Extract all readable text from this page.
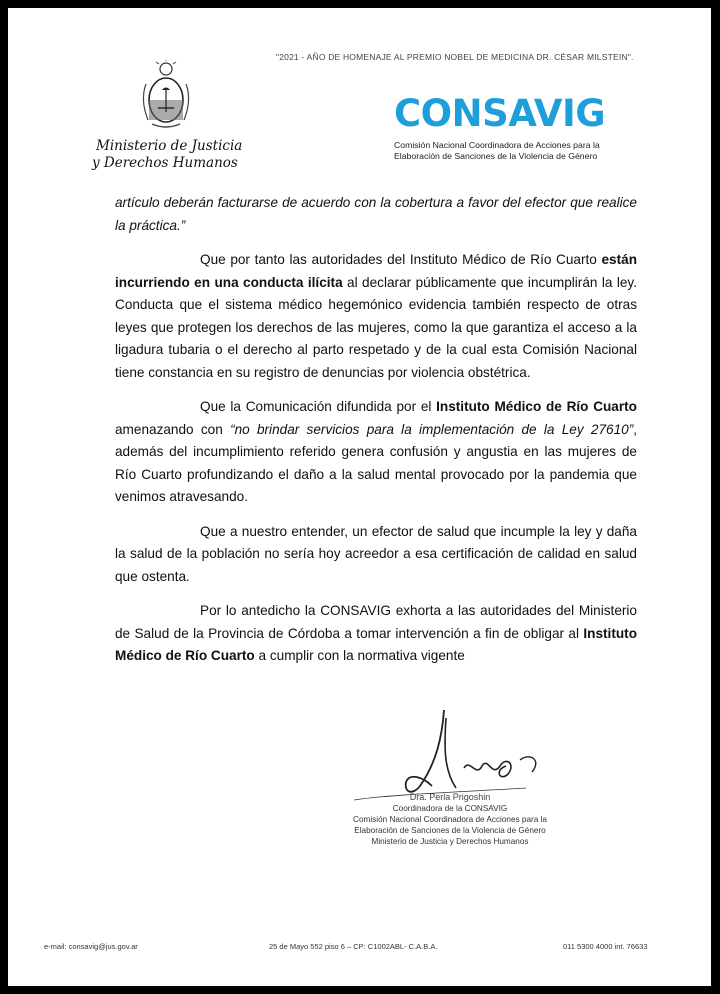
"2021 - AÑO DE HOMENAJE AL PREMIO NOBEL DE MEDICINA DR. CÉSAR MILSTEIN".
Ministerio de Justicia
y Derechos Humanos
CONSAVIG
Comisión Nacional Coordinadora de Acciones para la
Elaboración de Sanciones de la Violencia de Género

artículo deberán facturarse de acuerdo con la cobertura a favor del efector que realice la práctica.”

Que por tanto las autoridades del Instituto Médico de Río Cuarto están incurriendo en una conducta ilícita al declarar públicamente que incumplirán la ley. Conducta que el sistema médico hegemónico evidencia también respecto de otras leyes que protegen los derechos de las mujeres, como la que garantiza el acceso a la ligadura tubaria o el derecho al parto respetado y de la cual esta Comisión Nacional tiene constancia en su registro de denuncias por violencia obstétrica.

Que la Comunicación difundida por el Instituto Médico de Río Cuarto amenazando con “no brindar servicios para la implementación de la Ley 27610”, además del incumplimiento referido genera confusión y angustia en las mujeres de Río Cuarto profundizando el daño a la salud mental provocado por la pandemia que venimos atravesando.

Que a nuestro entender, un efector de salud que incumple la ley y daña la salud de la población no sería hoy acreedor a esa certificación de calidad en salud que ostenta.

Por lo antedicho la CONSAVIG exhorta a las autoridades del Ministerio de Salud de la Provincia de Córdoba a tomar intervención a fin de obligar al Instituto Médico de Río Cuarto a cumplir con la normativa vigente

Dra. Perla Prigoshin
Coordinadora de la CONSAVIG
Comisión Nacional Coordinadora de Acciones para la
Elaboración de Sanciones de la Violencia de Género
Ministerio de Justicia y Derechos Humanos
e-mail: consavig@jus.gov.ar	25 de Mayo 552 piso 6 – CP: C1002ABL- C.A.B.A.	011 5300 4000 int. 76633
